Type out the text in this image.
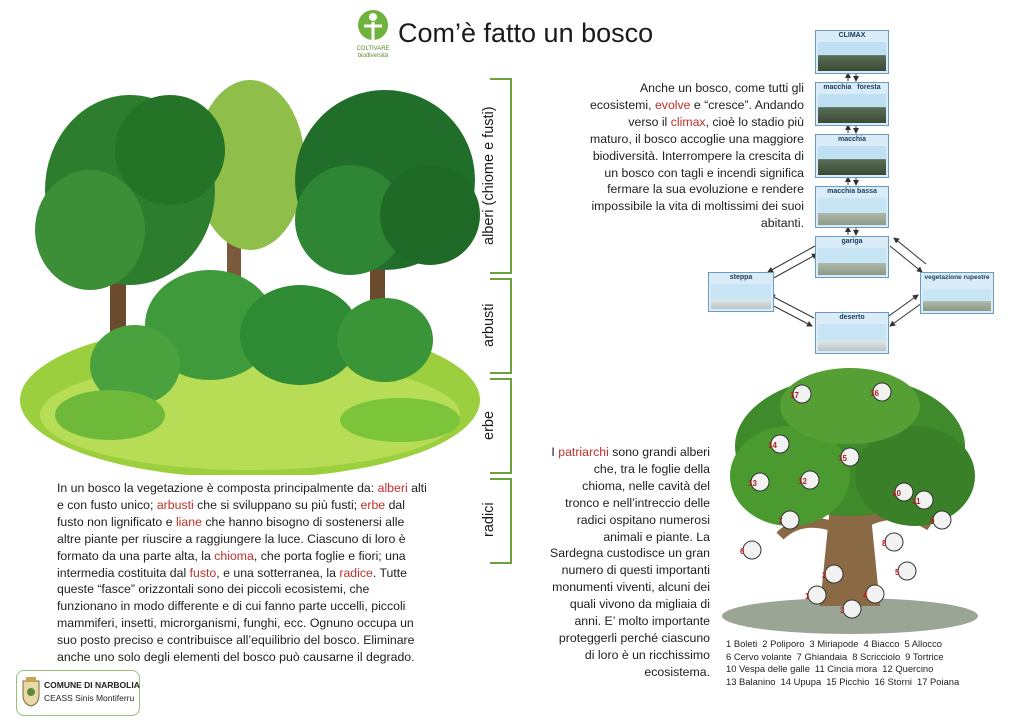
COLTIVARE biodiversità
Com’è fatto un bosco
alberi (chiome e fusti)
arbusti
erbe
radici
In un bosco la vegetazione è composta principalmente da: alberi alti e con fusto unico; arbusti che si sviluppano su più fusti; erbe dal fusto non lignificato e liane che hanno bisogno di sostenersi alle altre piante per riuscire a raggiungere la luce. Ciascuno di loro è formato da una parte alta, la chioma, che porta foglie e fiori; una intermedia costituita dal fusto, e una sotterranea, la radice. Tutte queste “fasce” orizzontali sono dei piccoli ecosistemi, che funzionano in modo differente e di cui fanno parte uccelli, piccoli mammiferi, insetti, microrganismi, funghi, ecc. Ognuno occupa un suo posto preciso e contribuisce all’equilibrio del bosco. Eliminare anche uno solo degli elementi del bosco può causarne il degrado.
Anche un bosco, come tutti gli ecosistemi, evolve e “cresce”. Andando verso il climax, cioè lo stadio più maturo, il bosco accoglie una maggiore biodiversità. Interrompere la crescita di un bosco con tagli e incendi significa fermare la sua evoluzione e rendere impossibile la vita di moltissimi dei suoi abitanti.
CLIMAX
macchia foresta
macchia
macchia bassa
gariga
steppa	vegetazione rupestre
deserto
I patriarchi sono grandi alberi che, tra le foglie della chioma, nelle cavità del tronco e nell’intreccio delle radici ospitano numerosi animali e piante. La Sardegna custodisce un gran numero di questi importanti monumenti viventi, alcuni dei quali vivono da migliaia di anni. E’ molto importante proteggerli perché ciascuno di loro è un ricchissimo ecosistema.
1
2
3
4
5
6
7
8
9
10
11
12
13
14
15
16
17
1 Boleti 2 Poliporo 3 Miriapode 4 Biacco 5 Allocco
6 Cervo volante 7 Ghiandaia 8 Scricciolo 9 Tortrice
10 Vespa delle galle 11 Cincia mora 12 Quercino
13 Balanino 14 Upupa 15 Picchio 16 Storni 17 Poiana
COMUNE DI NARBOLIA
CEASS Sinis Montiferru
